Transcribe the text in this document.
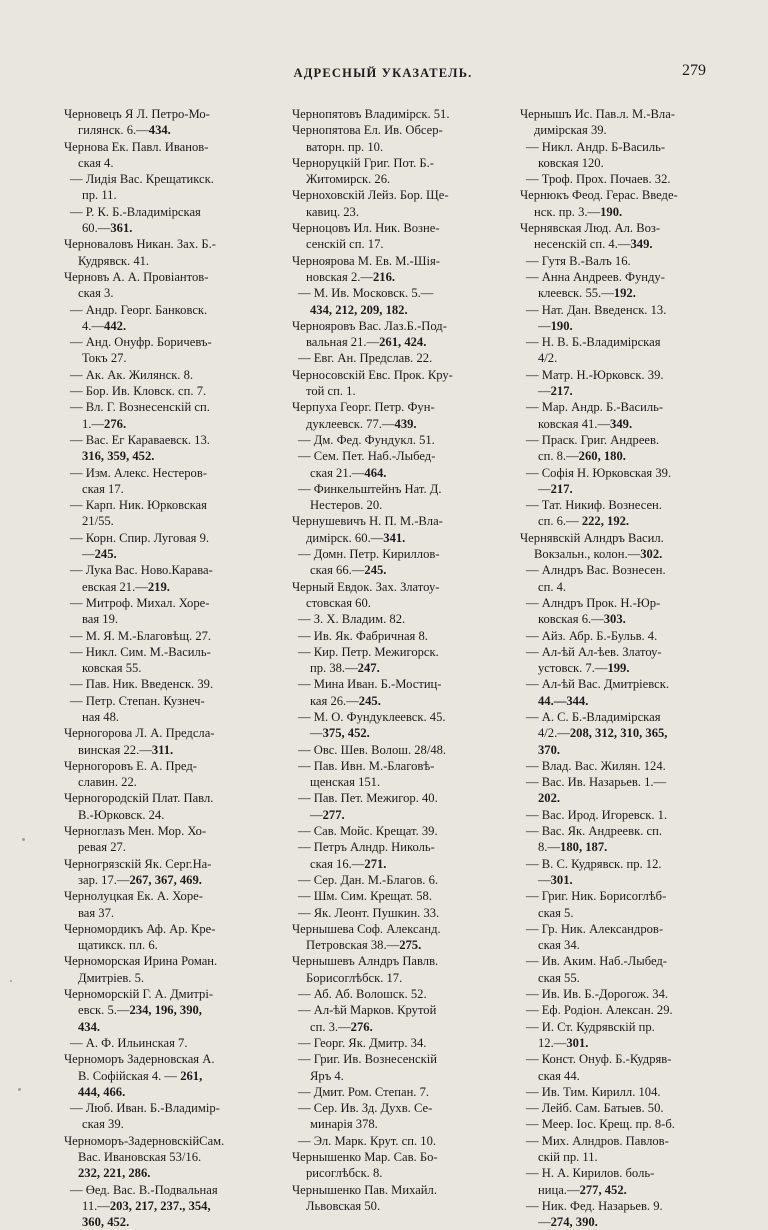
АДРЕСНЫЙ УКАЗАТЕЛЬ.	279
Черновецъ Я Л. Петро-Мо-
гилянск. 6.—434.
Чернова Ек. Павл. Иванов-
ская 4.
— Лидія Вас. Крещатикск.
пр. 11.
— Р. К. Б.-Владимірская
60.—361.
Черноваловъ Никан. Зах. Б.-
Кудрявск. 41.
Черновъ А. А. Провіантов-
ская 3.
— Андр. Георг. Банковск.
4.—442.
— Анд. Онуфр. Боричевъ-
Токъ 27.
— Ак. Ак. Жилянск. 8.
— Бор. Ив. Кловск. сп. 7.
— Вл. Г. Вознесенскій сп.
1.—276.
— Вас. Ег Караваевск. 13.
316, 359, 452.
— Изм. Алекс. Нестеров-
ская 17.
— Карп. Ник. Юрковская
21/55.
— Корн. Спир. Луговая 9.
—245.
— Лука Вас. Ново.Карава-
евская 21.—219.
— Митроф. Михал. Хоре-
вая 19.
— М. Я. М.-Благовѣщ. 27.
— Никл. Сим. М.-Василь-
ковская 55.
— Пав. Ник. Введенск. 39.
— Петр. Степан. Кузнеч-
ная 48.
Черногорова Л. А. Предсла-
винская 22.—311.
Черногоровъ Е. А. Пред-
славин. 22.
Черногородскій Плат. Павл.
В.-Юрковск. 24.
Черноглазъ Мен. Мор. Хо-
ревая 27.
Черногрязскій Як. Серг.На-
зар. 17.—267, 367, 469.
Чернолуцкая Ек. А. Хоре-
вая 37.
Черномордикъ Аф. Ар. Кре-
щатикск. пл. 6.
Черноморская Ирина Роман.
Дмитріев. 5.
Черноморскій Г. А. Дмитрі-
евск. 5.—234, 196, 390,
434.
— А. Ф. Ильинская 7.
Черноморъ Задерновская А.
В. Софійская 4. — 261,
444, 466.
— Люб. Иван. Б.-Владимір-
ская 39.
Черноморъ-ЗадерновскійСам.
Вас. Ивановская 53/16.
232, 221, 286.
— Өед. Вас. В.-Подвальная
11.—203, 217, 237., 354,
360, 452.
Чернопятовъ Владимірск. 51.
Чернопятова Ел. Ив. Обсер-
ваторн. пр. 10.
Черноруцкій Григ. Пот. Б.-
Житомирск. 26.
Черноховскій Лейз. Бор. Ще-
кавиц. 23.
Черноцовъ Ил. Ник. Возне-
сенскій сп. 17.
Черноярова М. Ев. М.-Шія-
новская 2.—216.
— М. Ив. Московск. 5.—
434, 212, 209, 182.
Чернояровъ Вас. Лаз.Б.-Под-
вальная 21.—261, 424.
— Евг. Ан. Предслав. 22.
Черносовскій Евс. Прок. Кру-
той сп. 1.
Черпуха Георг. Петр. Фун-
дуклеевск. 77.—439.
— Дм. Фед. Фундукл. 51.
— Сем. Пет. Наб.-Лыбед-
ская 21.—464.
— Финкельштейнъ Нат. Д.
Нестеров. 20.
Чернушевичъ Н. П. М.-Вла-
димірск. 60.—341.
— Домн. Петр. Кириллов-
ская 66.—245.
Черный Евдок. Зах. Златоу-
стовская 60.
— З. Х. Владим. 82.
— Ив. Як. Фабричная 8.
— Кир. Петр. Межигорск.
пр. 38.—247.
— Мина Иван. Б.-Мостиц-
кая 26.—245.
— М. О. Фундуклеевск. 45.
—375, 452.
— Овс. Шев. Волош. 28/48.
— Пав. Ивн. М.-Благовѣ-
щенская 151.
— Пав. Пет. Межигор. 40.
—277.
— Сав. Мойс. Крещат. 39.
— Петръ Алндр. Николь-
ская 16.—271.
— Сер. Дан. М.-Благов. 6.
— Шм. Сим. Крещат. 58.
— Як. Леонт. Пушкин. 33.
Чернышева Соф. Александ.
Петровская 38.—275.
Чернышевъ Алндръ Павлв.
Борисоглѣбск. 17.
— Аб. Аб. Волошск. 52.
— Ал-ѣй Марков. Крутой
сп. 3.—276.
— Георг. Як. Дмитр. 34.
— Григ. Ив. Вознесенскій
Яръ 4.
— Дмит. Ром. Степан. 7.
— Сер. Ив. Зд. Духв. Се-
минарія 378.
— Эл. Марк. Крут. сп. 10.
Чернышенко Мар. Сав. Бо-
рисоглѣбск. 8.
Чернышенко Пав. Михайл.
Львовская 50.
Чернышъ Ис. Пав.л. М.-Вла-
димірская 39.
— Никл. Андр. Б-Василь-
ковская 120.
— Троф. Прох. Почаев. 32.
Чернюкъ Феод. Герас. Введе-
нск. пр. 3.—190.
Чернявская Люд. Ал. Воз-
несенскій сп. 4.—349.
— Гутя В.-Валъ 16.
— Анна Андреев. Фунду-
клеевск. 55.—192.
— Нат. Дан. Введенск. 13.
—190.
— Н. В. Б.-Владимірская
4/2.
— Матр. Н.-Юрковск. 39.
—217.
— Мар. Андр. Б.-Василь-
ковская 41.—349.
— Праск. Григ. Андреев.
сп. 8.—260, 180.
— Софія Н. Юрковская 39.
—217.
— Тат. Никиф. Вознесен.
сп. 6.— 222, 192.
Чернявскій Алндръ Васил.
Вокзальн., колон.—302.
— Алндръ Вас. Вознесен.
сп. 4.
— Алндръ Прок. Н.-Юр-
ковская 6.—303.
— Айз. Абр. Б.-Бульв. 4.
— Ал-ѣй Ал-ѣев. Златоу-
устовск. 7.—199.
— Ал-ѣй Вас. Дмитріевск.
44.—344.
— А. С. Б.-Владимірская
4/2.—208, 312, 310, 365,
370.
— Влад. Вас. Жилян. 124.
— Вас. Ив. Назарьев. 1.—
202.
— Вас. Ирод. Игоревск. 1.
— Вас. Як. Андреевк. сп.
8.—180, 187.
— В. С. Кудрявск. пр. 12.
—301.
— Григ. Ник. Борисоглѣб-
ская 5.
— Гр. Ник. Александров-
ская 34.
— Ив. Аким. Наб.-Лыбед-
ская 55.
— Ив. Ив. Б.-Дорогож. 34.
— Еф. Родіон. Алексан. 29.
— И. Ст. Кудрявскій пр.
12.—301.
— Конст. Онуф. Б.-Кудряв-
ская 44.
— Ив. Тим. Кирилл. 104.
— Лейб. Сам. Батыев. 50.
— Меер. Іос. Крещ. пр. 8-б.
— Мих. Алндров. Павлов-
скій пр. 11.
— Н. А. Кирилов. боль-
ница.—277, 452.
— Ник. Фед. Назарьев. 9.
—274, 390.
